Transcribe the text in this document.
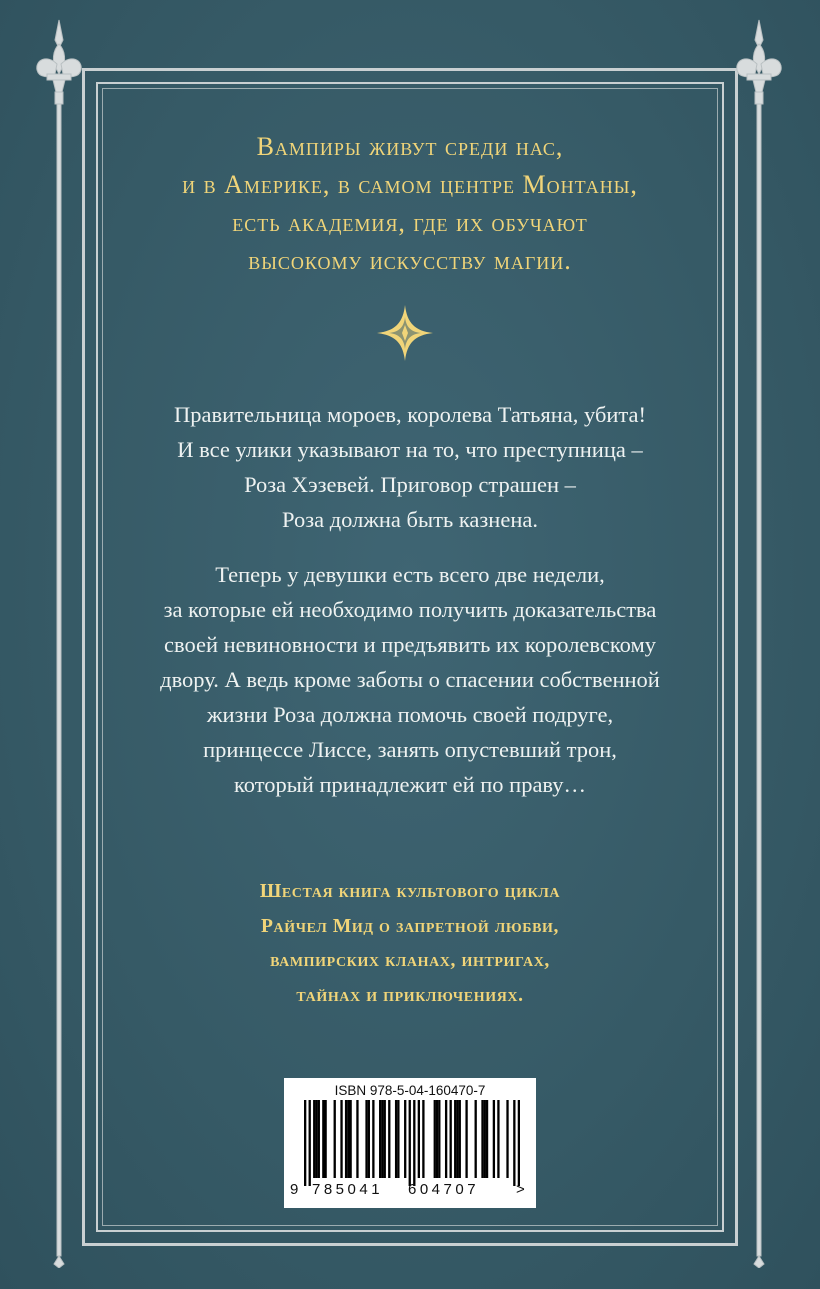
Вампиры живут среди нас,
и в Америке, в самом центре Монтаны,
есть академия, где их обучают
высокому искусству магии.
Правительница мороев, королева Татьяна, убита!
И все улики указывают на то, что преступница –
Роза Хэзевей. Приговор страшен –
Роза должна быть казнена.
Теперь у девушки есть всего две недели,
за которые ей необходимо получить доказательства
своей невиновности и предъявить их королевскому
двору. А ведь кроме заботы о спасении собственной
жизни Роза должна помочь своей подруге,
принцессе Лиссе, занять опустевший трон,
который принадлежит ей по праву…
Шестая книга культового цикла
Райчел Мид о запретной любви,
вампирских кланах, интригах,
тайнах и приключениях.
ISBN 978-5-04-160470-7
9 785041 604707 >
